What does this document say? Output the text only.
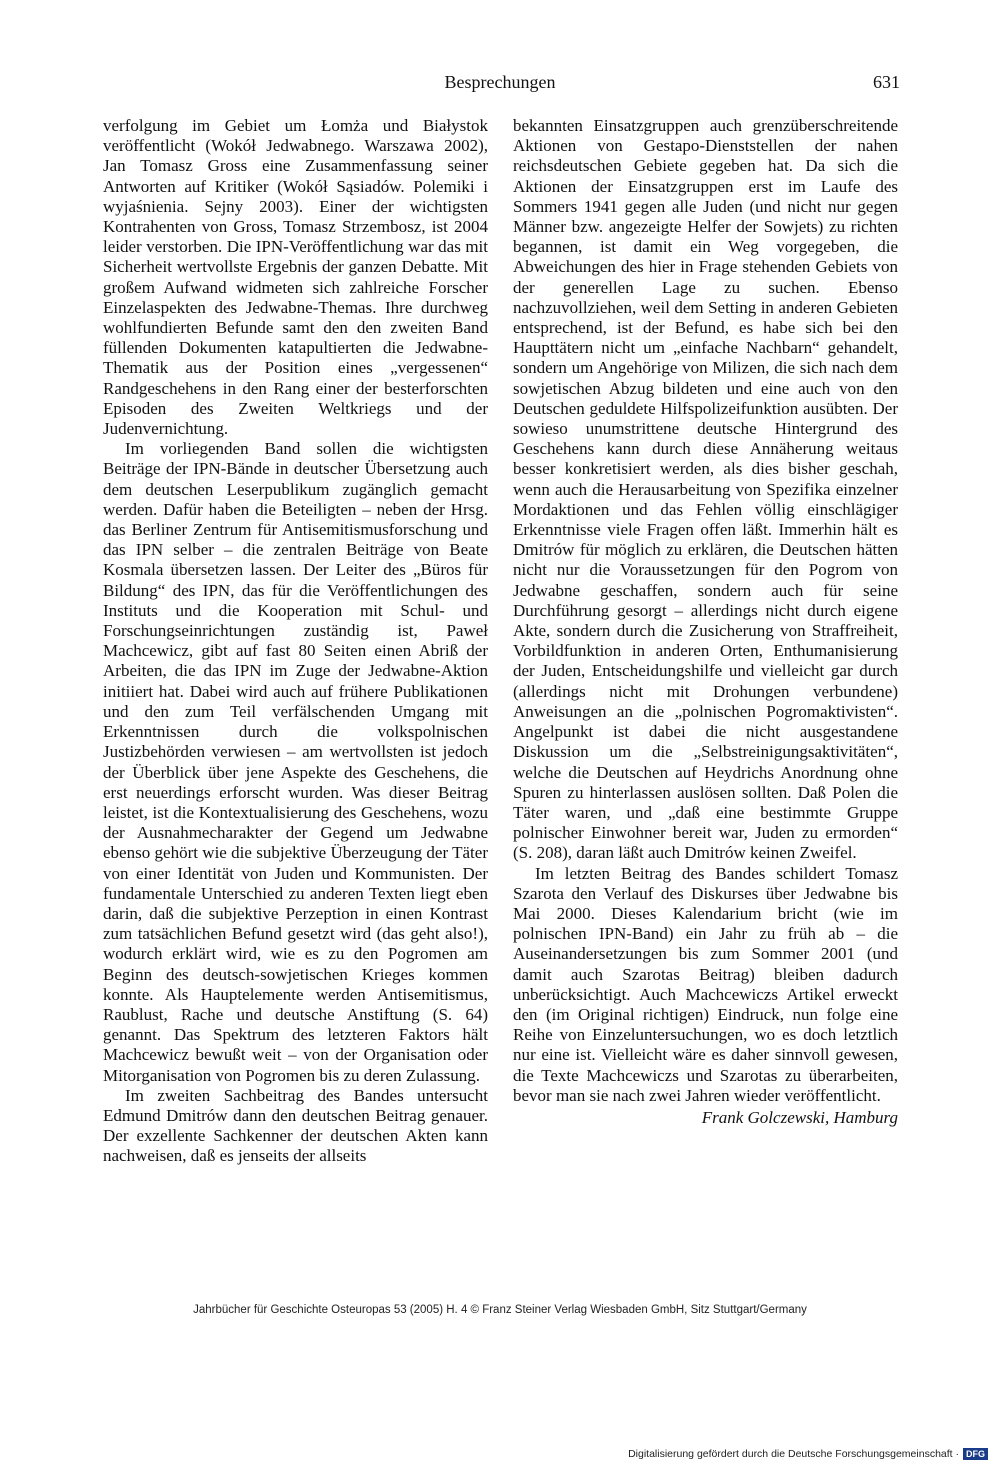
Besprechungen	631

verfolgung im Gebiet um Łomża und Białystok veröffentlicht (Wokół Jedwabnego. Warszawa 2002), Jan Tomasz Gross eine Zusammenfassung seiner Antworten auf Kritiker (Wokół Sąsiadów. Polemiki i wyjaśnienia. Sejny 2003). Einer der wichtigsten Kontrahenten von Gross, Tomasz Strzembosz, ist 2004 leider verstorben. Die IPN-Veröffentlichung war das mit Sicherheit wertvollste Ergebnis der ganzen Debatte. Mit großem Aufwand widmeten sich zahlreiche Forscher Einzelaspekten des Jedwabne-Themas. Ihre durchweg wohlfundierten Befunde samt den den zweiten Band füllenden Dokumenten katapultierten die Jedwabne-Thematik aus der Position eines „vergessenen“ Randgeschehens in den Rang einer der besterforschten Episoden des Zweiten Weltkriegs und der Judenvernichtung.

Im vorliegenden Band sollen die wichtigsten Beiträge der IPN-Bände in deutscher Übersetzung auch dem deutschen Leserpublikum zugänglich gemacht werden. Dafür haben die Beteiligten – neben der Hrsg. das Berliner Zentrum für Antisemitismusforschung und das IPN selber – die zentralen Beiträge von Beate Kosmala übersetzen lassen. Der Leiter des „Büros für Bildung“ des IPN, das für die Veröffentlichungen des Instituts und die Kooperation mit Schul- und Forschungseinrichtungen zuständig ist, Paweł Machcewicz, gibt auf fast 80 Seiten einen Abriß der Arbeiten, die das IPN im Zuge der Jedwabne-Aktion initiiert hat. Dabei wird auch auf frühere Publikationen und den zum Teil verfälschenden Umgang mit Erkenntnissen durch die volkspolnischen Justizbehörden verwiesen – am wertvollsten ist jedoch der Überblick über jene Aspekte des Geschehens, die erst neuerdings erforscht wurden. Was dieser Beitrag leistet, ist die Kontextualisierung des Geschehens, wozu der Ausnahmecharakter der Gegend um Jedwabne ebenso gehört wie die subjektive Überzeugung der Täter von einer Identität von Juden und Kommunisten. Der fundamentale Unterschied zu anderen Texten liegt eben darin, daß die subjektive Perzeption in einen Kontrast zum tatsächlichen Befund gesetzt wird (das geht also!), wodurch erklärt wird, wie es zu den Pogromen am Beginn des deutsch-sowjetischen Krieges kommen konnte. Als Hauptelemente werden Antisemitismus, Raublust, Rache und deutsche Anstiftung (S. 64) genannt. Das Spektrum des letzteren Faktors hält Machcewicz bewußt weit – von der Organisation oder Mitorganisation von Pogromen bis zu deren Zulassung.

Im zweiten Sachbeitrag des Bandes untersucht Edmund Dmitrów dann den deutschen Beitrag genauer. Der exzellente Sachkenner der deutschen Akten kann nachweisen, daß es jenseits der allseits

bekannten Einsatzgruppen auch grenzüberschreitende Aktionen von Gestapo-Dienststellen der nahen reichsdeutschen Gebiete gegeben hat. Da sich die Aktionen der Einsatzgruppen erst im Laufe des Sommers 1941 gegen alle Juden (und nicht nur gegen Männer bzw. angezeigte Helfer der Sowjets) zu richten begannen, ist damit ein Weg vorgegeben, die Abweichungen des hier in Frage stehenden Gebiets von der generellen Lage zu suchen. Ebenso nachzuvollziehen, weil dem Setting in anderen Gebieten entsprechend, ist der Befund, es habe sich bei den Haupttätern nicht um „einfache Nachbarn“ gehandelt, sondern um Angehörige von Milizen, die sich nach dem sowjetischen Abzug bildeten und eine auch von den Deutschen geduldete Hilfspolizeifunktion ausübten. Der sowieso unumstrittene deutsche Hintergrund des Geschehens kann durch diese Annäherung weitaus besser konkretisiert werden, als dies bisher geschah, wenn auch die Herausarbeitung von Spezifika einzelner Mordaktionen und das Fehlen völlig einschlägiger Erkenntnisse viele Fragen offen läßt. Immerhin hält es Dmitrów für möglich zu erklären, die Deutschen hätten nicht nur die Voraussetzungen für den Pogrom von Jedwabne geschaffen, sondern auch für seine Durchführung gesorgt – allerdings nicht durch eigene Akte, sondern durch die Zusicherung von Straffreiheit, Vorbildfunktion in anderen Orten, Enthumanisierung der Juden, Entscheidungshilfe und vielleicht gar durch (allerdings nicht mit Drohungen verbundene) Anweisungen an die „polnischen Pogromaktivisten“. Angelpunkt ist dabei die nicht ausgestandene Diskussion um die „Selbstreinigungsaktivitäten“, welche die Deutschen auf Heydrichs Anordnung ohne Spuren zu hinterlassen auslösen sollten. Daß Polen die Täter waren, und „daß eine bestimmte Gruppe polnischer Einwohner bereit war, Juden zu ermorden“ (S. 208), daran läßt auch Dmitrów keinen Zweifel.

Im letzten Beitrag des Bandes schildert Tomasz Szarota den Verlauf des Diskurses über Jedwabne bis Mai 2000. Dieses Kalendarium bricht (wie im polnischen IPN-Band) ein Jahr zu früh ab – die Auseinandersetzungen bis zum Sommer 2001 (und damit auch Szarotas Beitrag) bleiben dadurch unberücksichtigt. Auch Machcewiczs Artikel erweckt den (im Original richtigen) Eindruck, nun folge eine Reihe von Einzeluntersuchungen, wo es doch letztlich nur eine ist. Vielleicht wäre es daher sinnvoll gewesen, die Texte Machcewiczs und Szarotas zu überarbeiten, bevor man sie nach zwei Jahren wieder veröffentlicht.

Frank Golczewski, Hamburg

Jahrbücher für Geschichte Osteuropas 53 (2005) H. 4 © Franz Steiner Verlag Wiesbaden GmbH, Sitz Stuttgart/Germany
Digitalisierung gefördert durch die Deutsche Forschungsgemeinschaft · DFG
